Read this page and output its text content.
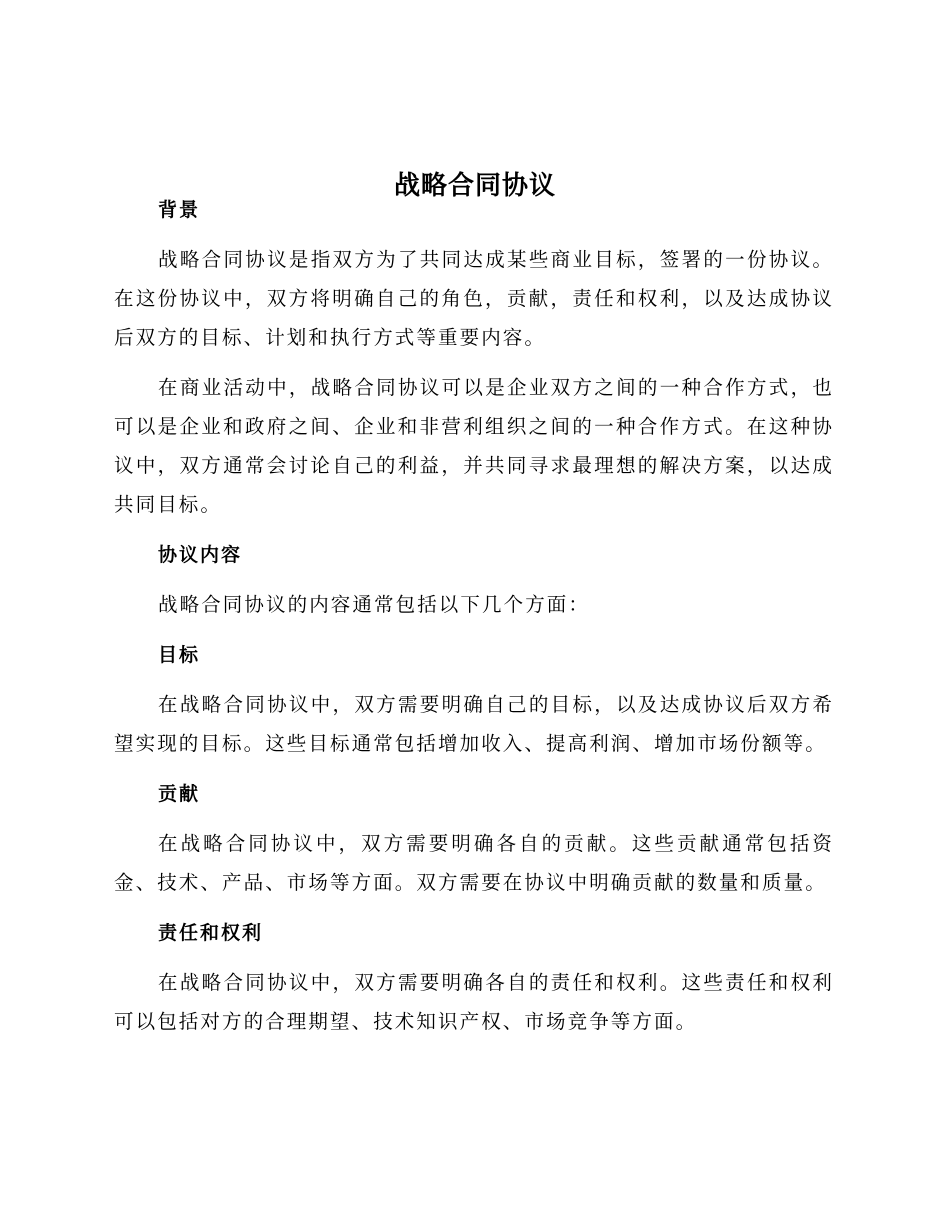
战略合同协议
背景

战略合同协议是指双方为了共同达成某些商业目标，签署的一份协议。在这份协议中，双方将明确自己的角色，贡献，责任和权利，以及达成协议后双方的目标、计划和执行方式等重要内容。

在商业活动中，战略合同协议可以是企业双方之间的一种合作方式，也可以是企业和政府之间、企业和非营利组织之间的一种合作方式。在这种协议中，双方通常会讨论自己的利益，并共同寻求最理想的解决方案，以达成共同目标。

协议内容

战略合同协议的内容通常包括以下几个方面：

目标

在战略合同协议中，双方需要明确自己的目标，以及达成协议后双方希望实现的目标。这些目标通常包括增加收入、提高利润、增加市场份额等。

贡献

在战略合同协议中，双方需要明确各自的贡献。这些贡献通常包括资金、技术、产品、市场等方面。双方需要在协议中明确贡献的数量和质量。

责任和权利

在战略合同协议中，双方需要明确各自的责任和权利。这些责任和权利可以包括对方的合理期望、技术知识产权、市场竞争等方面。
